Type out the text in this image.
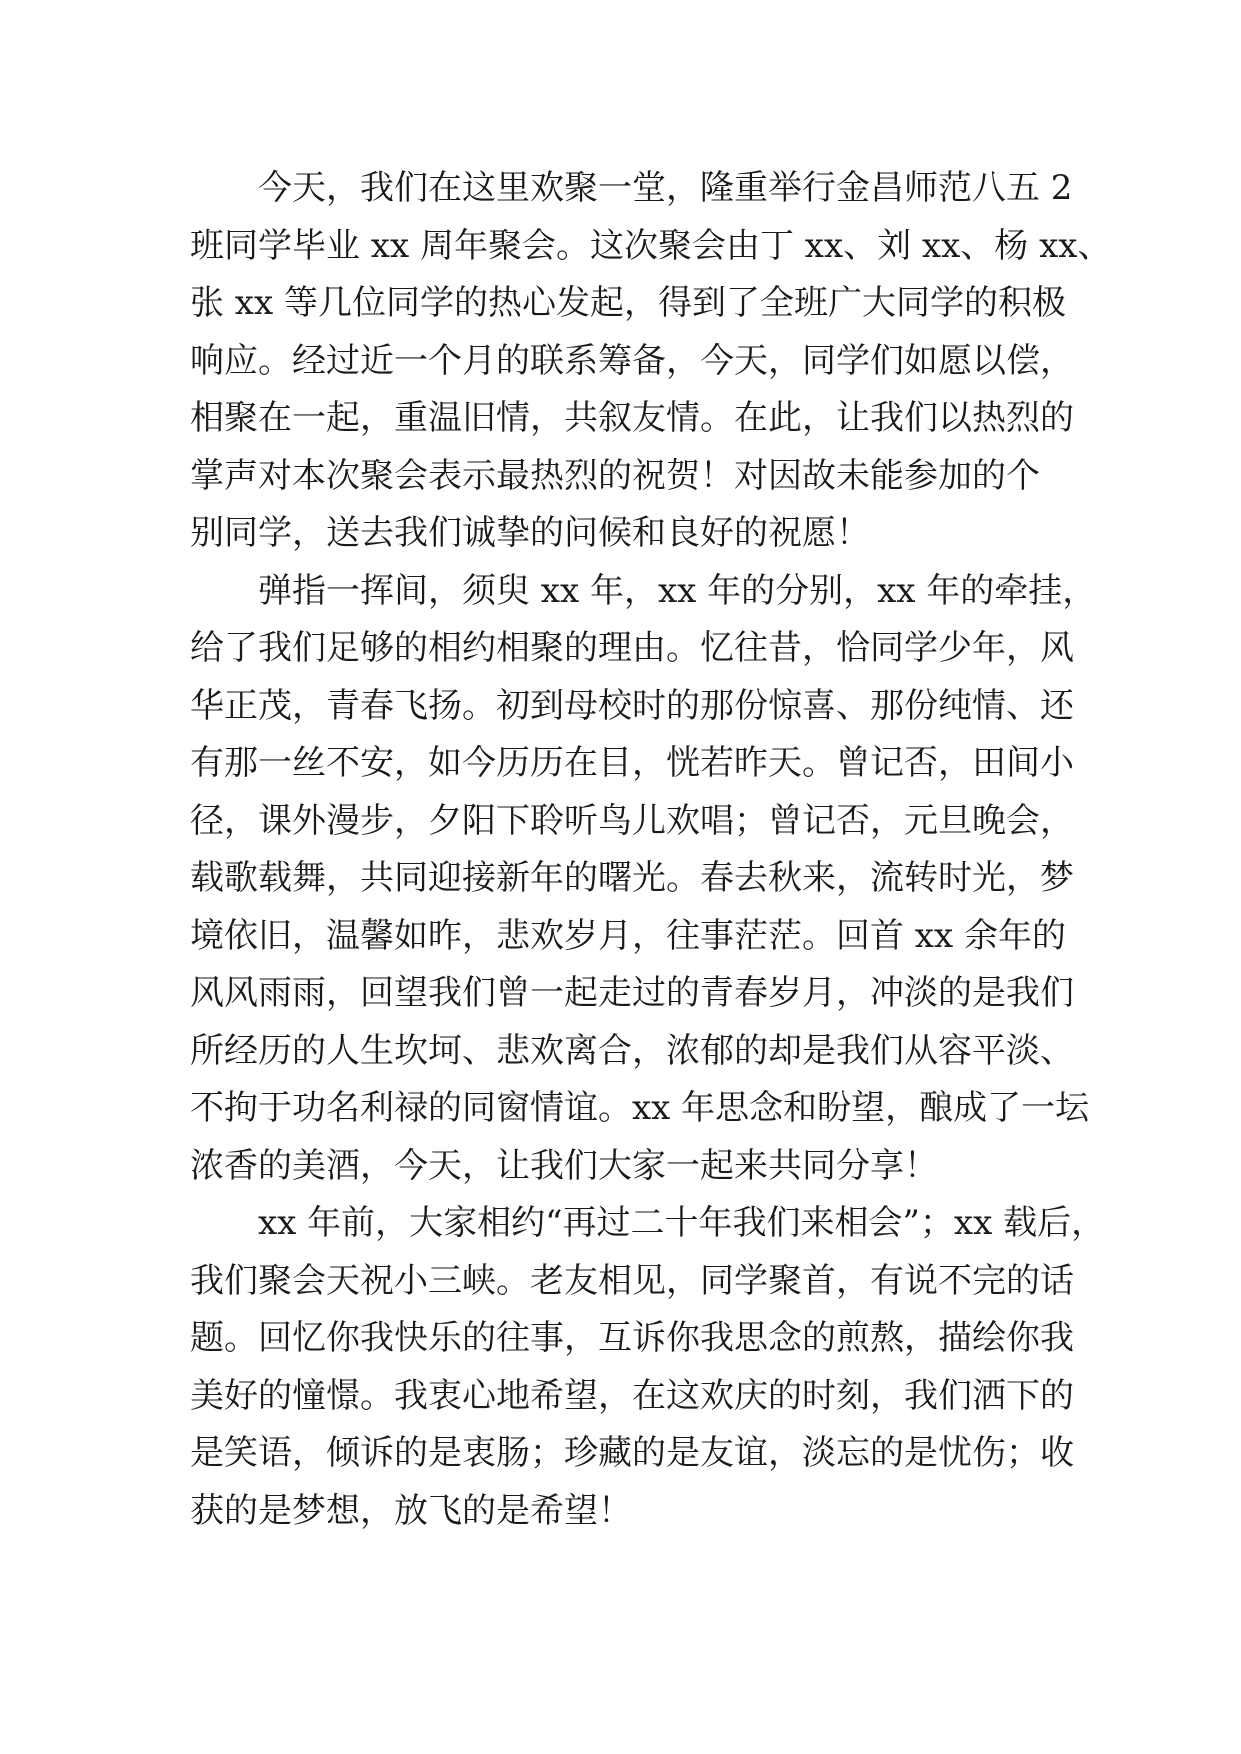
今天，我们在这里欢聚一堂，隆重举行金昌师范八五 2
班同学毕业 xx 周年聚会。这次聚会由丁 xx、刘 xx、杨 xx、
张 xx 等几位同学的热心发起，得到了全班广大同学的积极
响应。经过近一个月的联系筹备，今天，同学们如愿以偿，
相聚在一起，重温旧情，共叙友情。在此，让我们以热烈的
掌声对本次聚会表示最热烈的祝贺！对因故未能参加的个
别同学，送去我们诚挚的问候和良好的祝愿！
弹指一挥间，须臾 xx 年，xx 年的分别，xx 年的牵挂，
给了我们足够的相约相聚的理由。忆往昔，恰同学少年，风
华正茂，青春飞扬。初到母校时的那份惊喜、那份纯情、还
有那一丝不安，如今历历在目，恍若昨天。曾记否，田间小
径，课外漫步，夕阳下聆听鸟儿欢唱；曾记否，元旦晚会，
载歌载舞，共同迎接新年的曙光。春去秋来，流转时光，梦
境依旧，温馨如昨，悲欢岁月，往事茫茫。回首 xx 余年的
风风雨雨，回望我们曾一起走过的青春岁月，冲淡的是我们
所经历的人生坎坷、悲欢离合，浓郁的却是我们从容平淡、
不拘于功名利禄的同窗情谊。xx 年思念和盼望，酿成了一坛
浓香的美酒，今天，让我们大家一起来共同分享！
xx 年前，大家相约“再过二十年我们来相会”；xx 载后，
我们聚会天祝小三峡。老友相见，同学聚首，有说不完的话
题。回忆你我快乐的往事，互诉你我思念的煎熬，描绘你我
美好的憧憬。我衷心地希望，在这欢庆的时刻，我们洒下的
是笑语，倾诉的是衷肠；珍藏的是友谊，淡忘的是忧伤；收
获的是梦想，放飞的是希望！
